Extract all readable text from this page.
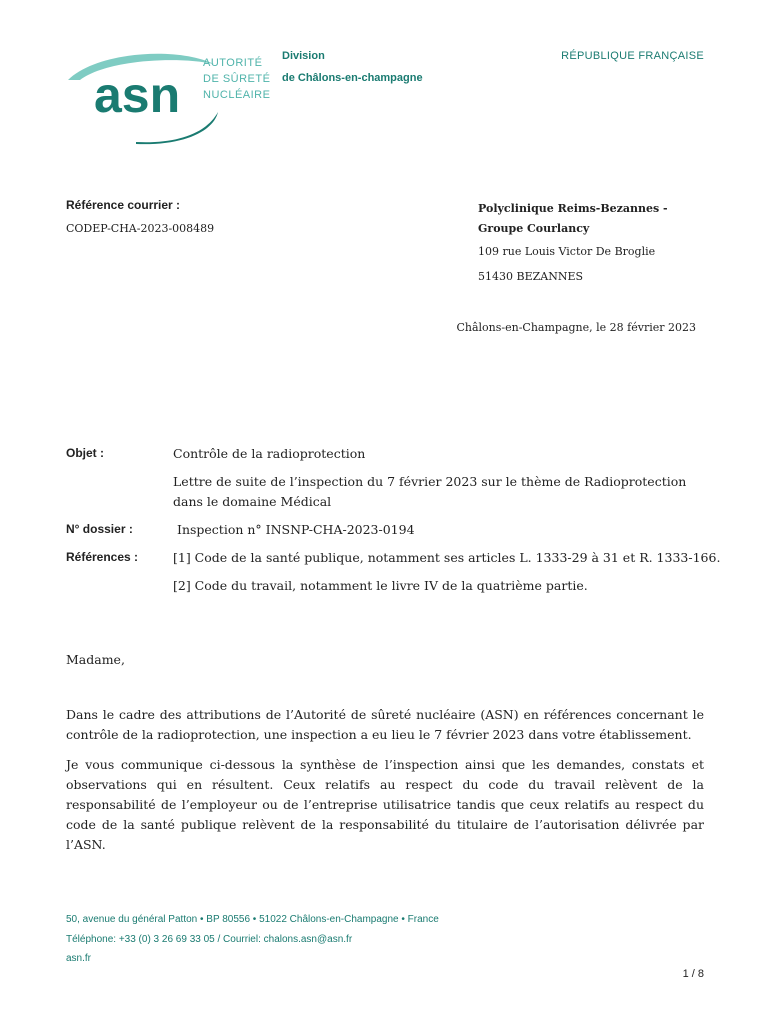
asn
AUTORITÉ
DE SÛRETÉ
NUCLÉAIRE
Division
de Châlons-en-champagne
RÉPUBLIQUE FRANÇAISE
Référence courrier :
CODEP-CHA-2023-008489
Polyclinique Reims-Bezannes -
Groupe Courlancy
109 rue Louis Victor De Broglie
51430 BEZANNES
Châlons-en-Champagne, le 28 février 2023
Objet :	Contrôle de la radioprotection
Lettre de suite de l’inspection du 7 février 2023 sur le thème de Radioprotection
dans le domaine Médical
N° dossier :	Inspection n° INSNP-CHA-2023-0194
Références :	[1] Code de la santé publique, notamment ses articles L. 1333-29 à 31 et R. 1333-166.
[2] Code du travail, notamment le livre IV de la quatrième partie.
Madame,

Dans le cadre des attributions de l’Autorité de sûreté nucléaire (ASN) en références concernant le contrôle de la radioprotection, une inspection a eu lieu le 7 février 2023 dans votre établissement.

Je vous communique ci-dessous la synthèse de l’inspection ainsi que les demandes, constats et observations qui en résultent. Ceux relatifs au respect du code du travail relèvent de la responsabilité de l’employeur ou de l’entreprise utilisatrice tandis que ceux relatifs au respect du code de la santé publique relèvent de la responsabilité du titulaire de l’autorisation délivrée par l’ASN.

50, avenue du général Patton • BP 80556 • 51022 Châlons-en-Champagne • France
Téléphone: +33 (0) 3 26 69 33 05 / Courriel: chalons.asn@asn.fr
asn.fr
1 / 8
